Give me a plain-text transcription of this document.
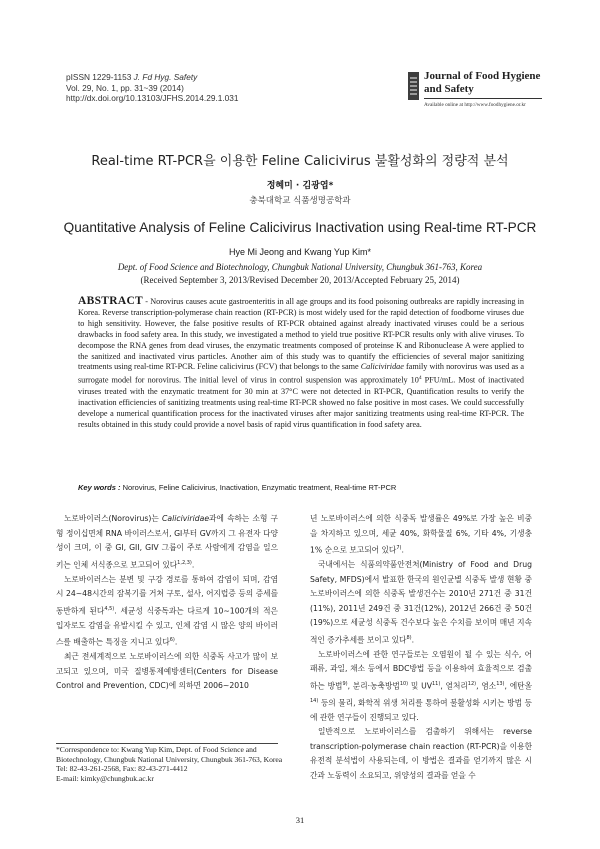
pISSN 1229-1153 J. Fd Hyg. Safety
Vol. 29, No. 1, pp. 31~39 (2014)
http://dx.doi.org/10.13103/JFHS.2014.29.1.031
Journal of Food Hygiene
and Safety
Available online at http://www.foodhygiene.or.kr
Real-time RT-PCR을 이용한 Feline Calicivirus 불활성화의 정량적 분석
정혜미 · 김광엽*
충북대학교 식품생명공학과
Quantitative Analysis of Feline Calicivirus Inactivation using Real-time RT-PCR
Hye Mi Jeong and Kwang Yup Kim*
Dept. of Food Science and Biotechnology, Chungbuk National University, Chungbuk 361-763, Korea
(Received September 3, 2013/Revised December 20, 2013/Accepted February 25, 2014)
ABSTRACT - Norovirus causes acute gastroenteritis in all age groups and its food poisoning outbreaks are rapidly increasing in Korea. Reverse transcription-polymerase chain reaction (RT-PCR) is most widely used for the rapid detection of foodborne viruses due to high sensitivity. However, the false positive results of RT-PCR obtained against already inactivated viruses could be a serious drawbacks in food safety area. In this study, we investigated a method to yield true positive RT-PCR results only with alive viruses. To decompose the RNA genes from dead viruses, the enzymatic treatments composed of proteinse K and Ribonuclease A were applied to the sanitized and inactivated virus particles. Another aim of this study was to quantify the efficiencies of several major sanitizing treatments using real-time RT-PCR. Feline calicivirus (FCV) that belongs to the same Caliciviridae family with norovirus was used as a surrogate model for norovirus. The initial level of virus in control suspension was approximately $10^4$ PFU/mL. Most of inactivated viruses treated with the enzymatic treatment for 30 min at 37°C were not detected in RT-PCR, Quantification results to verify the inactivation efficiencies of sanitizing treatments using real-time RT-PCR showed no false positive in most cases. We could successfully develope a numerical quantification process for the inactivated viruses after major sanitizing treatments using real-time RT-PCR. The results obtained in this study could provide a novel basis of rapid virus quantification in food safety area.
Key words : Norovirus, Feline Calicivirus, Inactivation, Enzymatic treatment, Real-time RT-PCR

노로바이러스(Norovirus)는 Caliciviridae과에 속하는 소형 구형 정이십면체 RNA 바이러스로서, GI부터 GV까지 그 유전자 다양성이 크며, 이 중 GI, GII, GIV 그룹이 주로 사람에게 감염을 일으키는 인체 서식종으로 보고되어 있다$^{1,2,3)}$.

노로바이러스는 분변 및 구강 경로를 통하여 감염이 되며, 감염 시 24~48시간의 잠복기를 거쳐 구토, 설사, 어지럽증 등의 증세를 동반하게 된다$^{4,5)}$. 세균성 식중독과는 다르게 10~100개의 적은 입자로도 감염을 유발시킬 수 있고, 인체 감염 시 많은 양의 바이러스를 배출하는 특징을 지니고 있다$^{6)}$.

최근 전세계적으로 노로바이러스에 의한 식중독 사고가 많이 보고되고 있으며, 미국 질병통제예방센터(Centers for Disease Control and Prevention, CDC)에 의하면 2006~2010

*Correspondence to: Kwang Yup Kim, Dept. of Food Science and Biotechnology, Chungbuk National University, Chungbuk 361-763, Korea
Tel: 82-43-261-2568, Fax: 82-43-271-4412
E-mail: kimky@chungbuk.ac.kr

년 노로바이러스에 의한 식중독 발생률은 49%로 가장 높은 비중을 차지하고 있으며, 세균 40%, 화학물질 6%, 기타 4%, 기생충 1% 순으로 보고되어 있다$^{7)}$.

국내에서는 식품의약품안전처(Ministry of Food and Drug Safety, MFDS)에서 발표한 한국의 원인균별 식중독 발생 현황 중 노로바이러스에 의한 식중독 발생건수는 2010년 271건 중 31건(11%), 2011년 249건 중 31건(12%), 2012년 266건 중 50건(19%)으로 세균성 식중독 건수보다 높은 수치를 보이며 매년 지속적인 증가추세를 보이고 있다$^{8)}$.

노로바이러스에 관한 연구들로는 오염원이 될 수 있는 식수, 어패류, 과일, 채소 등에서 BDC방법 등을 이용하여 효율적으로 검출하는 방법$^{9)}$, 분리·농축방법$^{10)}$ 및 UV$^{11)}$, 열처리$^{12)}$, 염소$^{13)}$, 에탄올$^{14)}$ 등의 물리, 화학적 위생 처리를 통하여 불활성화 시키는 방법 등에 관한 연구들이 진행되고 있다.

일반적으로 노로바이러스를 검출하기 위해서는 reverse transcription-polymerase chain reaction (RT-PCR)을 이용한 유전적 분석법이 사용되는데, 이 방법은 결과를 얻기까지 많은 시간과 노동력이 소요되고, 위양성의 결과를 얻을 수

31
